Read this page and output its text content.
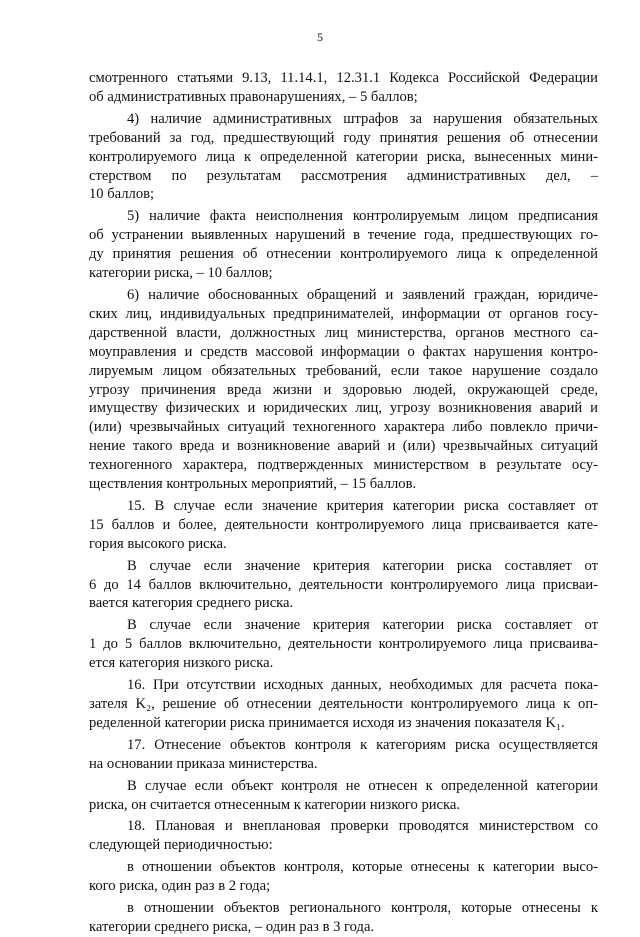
5
смотренного статьями 9.13, 11.14.1, 12.31.1 Кодекса Российской Федерации
об административных правонарушениях, – 5 баллов;
4) наличие административных штрафов за нарушения обязательных
требований за год, предшествующий году принятия решения об отнесении
контролируемого лица к определенной категории риска, вынесенных мини-
стерством по результатам рассмотрения административных дел, –
10 баллов;
5) наличие факта неисполнения контролируемым лицом предписания
об устранении выявленных нарушений в течение года, предшествующих го-
ду принятия решения об отнесении контролируемого лица к определенной
категории риска, – 10 баллов;
6) наличие обоснованных обращений и заявлений граждан, юридиче-
ских лиц, индивидуальных предпринимателей, информации от органов госу-
дарственной власти, должностных лиц министерства, органов местного са-
моуправления и средств массовой информации о фактах нарушения контро-
лируемым лицом обязательных требований, если такое нарушение создало
угрозу причинения вреда жизни и здоровью людей, окружающей среде,
имуществу физических и юридических лиц, угрозу возникновения аварий и
(или) чрезвычайных ситуаций техногенного характера либо повлекло причи-
нение такого вреда и возникновение аварий и (или) чрезвычайных ситуаций
техногенного характера, подтвержденных министерством в результате осу-
ществления контрольных мероприятий, – 15 баллов.
15. В случае если значение критерия категории риска составляет от
15 баллов и более, деятельности контролируемого лица присваивается кате-
гория высокого риска.
В случае если значение критерия категории риска составляет от
6 до 14 баллов включительно, деятельности контролируемого лица присваи-
вается категория среднего риска.
В случае если значение критерия категории риска составляет от
1 до 5 баллов включительно, деятельности контролируемого лица присваива-
ется категория низкого риска.
16. При отсутствии исходных данных, необходимых для расчета пока-
зателя K₂, решение об отнесении деятельности контролируемого лица к оп-
ределенной категории риска принимается исходя из значения показателя K₁.
17. Отнесение объектов контроля к категориям риска осуществляется
на основании приказа министерства.
В случае если объект контроля не отнесен к определенной категории
риска, он считается отнесенным к категории низкого риска.
18. Плановая и внеплановая проверки проводятся министерством со
следующей периодичностью:
в отношении объектов контроля, которые отнесены к категории высо-
кого риска, один раз в 2 года;
в отношении объектов регионального контроля, которые отнесены к
категории среднего риска, – один раз в 3 года.
